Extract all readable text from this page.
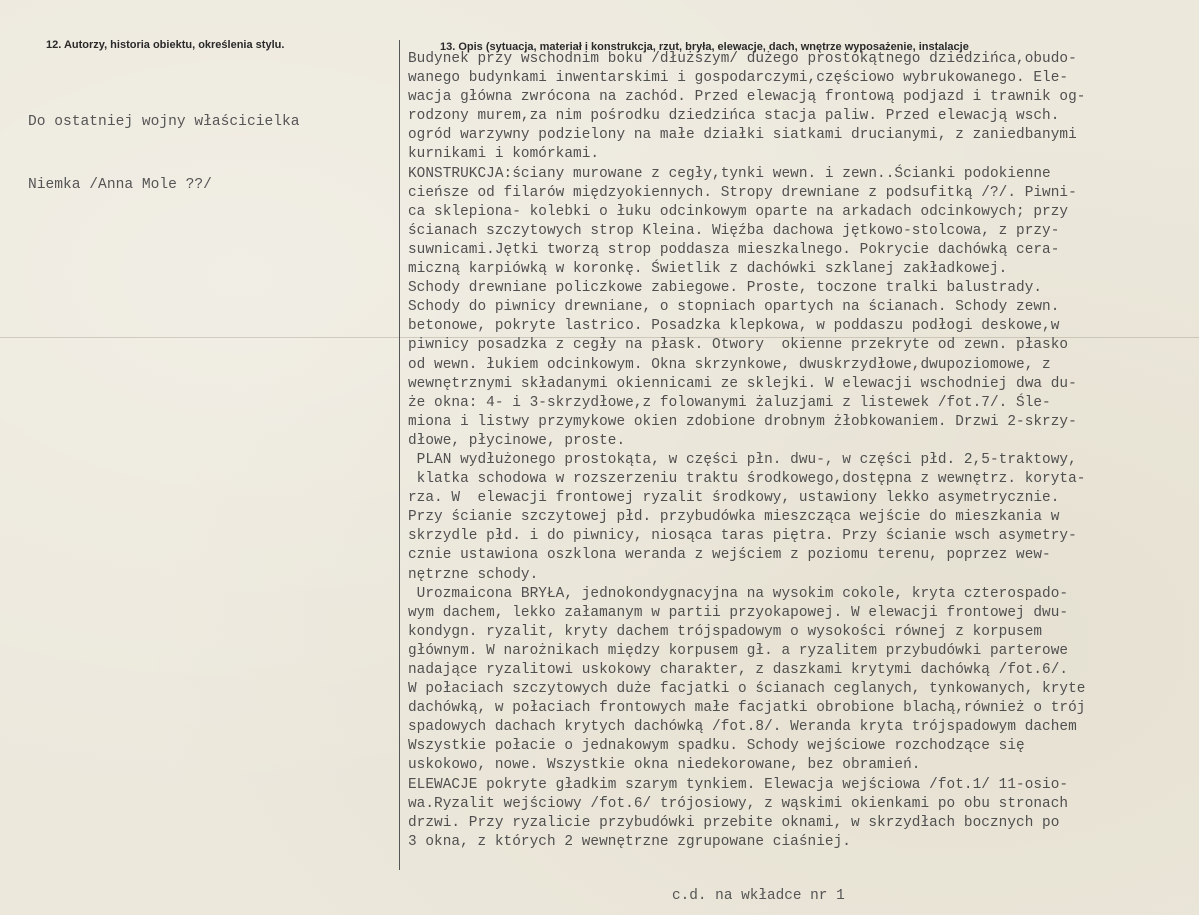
12. Autorzy, historia obiektu, określenia stylu.	13. Opis (sytuacja, materiał i konstrukcja, rzut, bryła, elewacje, dach, wnętrze wyposażenie, instalacje

Do ostatniej wojny właścicielka

Niemka /Anna Mole ??/

Budynek przy wschodnim boku /dłuższym/ dużego prostokątnego dziedzińca,obudo-
wanego budynkami inwentarskimi i gospodarczymi,częściowo wybrukowanego. Ele-
wacja główna zwrócona na zachód. Przed elewacją frontową podjazd i trawnik og-
rodzony murem,za nim pośrodku dziedzińca stacja paliw. Przed elewacją wsch.
ogród warzywny podzielony na małe działki siatkami drucianymi, z zaniedbanymi
kurnikami i komórkami.
KONSTRUKCJA:ściany murowane z cegły,tynki wewn. i zewn..Ścianki podokienne
cieńsze od filarów międzyokiennych. Stropy drewniane z podsufitką /?/. Piwni-
ca sklepiona- kolebki o łuku odcinkowym oparte na arkadach odcinkowych; przy
ścianach szczytowych strop Kleina. Więźba dachowa jętkowo-stolcowa, z przy-
suwnicami.Jętki tworzą strop poddasza mieszkalnego. Pokrycie dachówką cera-
miczną karpiówką w koronkę. Świetlik z dachówki szklanej zakładkowej.
Schody drewniane policzkowe zabiegowe. Proste, toczone tralki balustrady.
Schody do piwnicy drewniane, o stopniach opartych na ścianach. Schody zewn.
betonowe, pokryte lastrico. Posadzka klepkowa, w poddaszu podłogi deskowe,w
piwnicy posadzka z cegły na płask. Otwory  okienne przekryte od zewn. płasko
od wewn. łukiem odcinkowym. Okna skrzynkowe, dwuskrzydłowe,dwupoziomowe, z
wewnętrznymi składanymi okiennicami ze sklejki. W elewacji wschodniej dwa du-
że okna: 4- i 3-skrzydłowe,z folowanymi żaluzjami z listewek /fot.7/. Śle-
miona i listwy przymykowe okien zdobione drobnym żłobkowaniem. Drzwi 2-skrzy-
dłowe, płycinowe, proste.
PLAN wydłużonego prostokąta, w części płn. dwu-, w części płd. 2,5-traktowy,
klatka schodowa w rozszerzeniu traktu środkowego,dostępna z wewnętrz. koryta-
rza. W  elewacji frontowej ryzalit środkowy, ustawiony lekko asymetrycznie.
Przy ścianie szczytowej płd. przybudówka mieszcząca wejście do mieszkania w
skrzydle płd. i do piwnicy, niosąca taras piętra. Przy ścianie wsch asymetry-
cznie ustawiona oszklona weranda z wejściem z poziomu terenu, poprzez wew-
nętrzne schody.
Urozmaicona BRYŁA, jednokondygnacyjna na wysokim cokole, kryta czterospado-
wym dachem, lekko załamanym w partii przyokapowej. W elewacji frontowej dwu-
kondygn. ryzalit, kryty dachem trójspadowym o wysokości równej z korpusem
głównym. W narożnikach między korpusem gł. a ryzalitem przybudówki parterowe
nadające ryzalitowi uskokowy charakter, z daszkami krytymi dachówką /fot.6/.
W połaciach szczytowych duże facjatki o ścianach ceglanych, tynkowanych, kryte
dachówką, w połaciach frontowych małe facjatki obrobione blachą,również o trój
spadowych dachach krytych dachówką /fot.8/. Weranda kryta trójspadowym dachem
Wszystkie połacie o jednakowym spadku. Schody wejściowe rozchodzące się
uskokowo, nowe. Wszystkie okna niedekorowane, bez obramień.
ELEWACJE pokryte gładkim szarym tynkiem. Elewacja wejściowa /fot.1/ 11-osio-
wa.Ryzalit wejściowy /fot.6/ trójosiowy, z wąskimi okienkami po obu stronach
drzwi. Przy ryzalicie przybudówki przebite oknami, w skrzydłach bocznych po
3 okna, z których 2 wewnętrzne zgrupowane ciaśniej.
c.d. na wkładce nr 1
